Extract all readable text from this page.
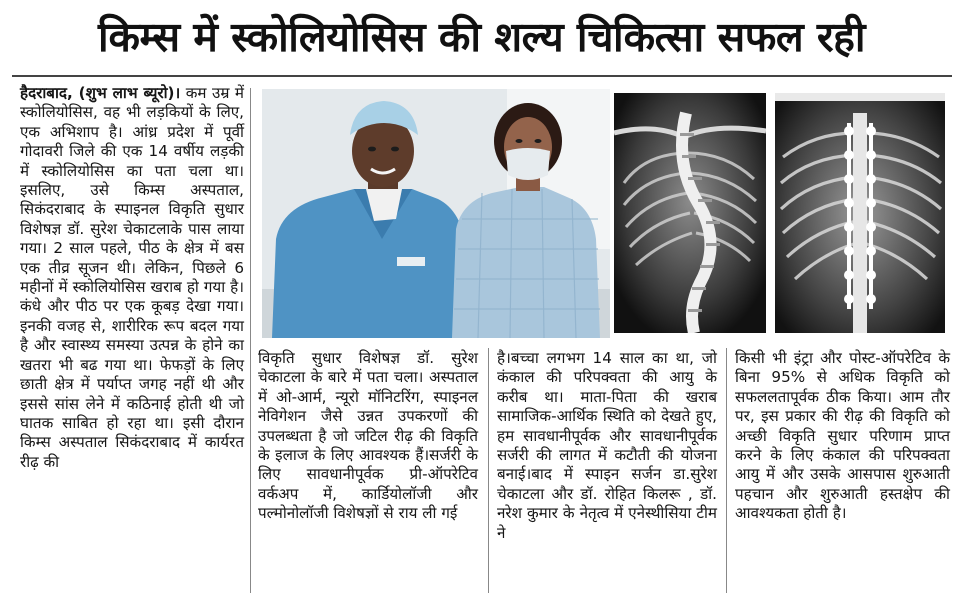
किम्स में स्कोलियोसिस की शल्य चिकित्सा सफल रही

हैदराबाद, (शुभ लाभ ब्यूरो)। कम उम्र में स्कोलियोसिस, वह भी लड़कियों के लिए, एक अभिशाप है। आंध्र प्रदेश में पूर्वी गोदावरी जिले की एक 14 वर्षीय लड़की में स्कोलियोसिस का पता चला था। इसलिए, उसे किम्स अस्पताल, सिकंदराबाद के स्पाइनल विकृति सुधार विशेषज्ञ डॉ. सुरेश चेकाटलाके पास लाया गया। 2 साल पहले, पीठ के क्षेत्र में बस एक तीव्र सूजन थी। लेकिन, पिछले 6 महीनों में स्कोलियोसिस खराब हो गया है। कंधे और पीठ पर एक कूबड़ देखा गया। इनकी वजह से, शारीरिक रूप बदल गया है और स्वास्थ्य समस्या उत्पन्न के होने का खतरा भी बढ गया था। फेफड़ों के लिए छाती क्षेत्र में पर्याप्त जगह नहीं थी और इससे सांस लेने में कठिनाई होती थी जो घातक साबित हो रहा था। इसी दौरान किम्स अस्पताल सिकंदराबाद में कार्यरत रीढ़ की

विकृति सुधार विशेषज्ञ डॉ. सुरेश चेकाटला के बारे में पता चला। अस्पताल में ओ-आर्म, न्यूरो मॉनिटरिंग, स्पाइनल नेविगेशन जैसे उन्नत उपकरणों की उपलब्धता है जो जटिल रीढ़ की विकृति के इलाज के लिए आवश्यक हैं।सर्जरी के लिए सावधानीपूर्वक प्री-ऑपरेटिव वर्कअप में, कार्डियोलॉजी और पल्मोनोलॉजी विशेषज्ञों से राय ली गई

है।बच्चा लगभग 14 साल का था, जो कंकाल की परिपक्वता की आयु के करीब था। माता-पिता की खराब सामाजिक-आर्थिक स्थिति को देखते हुए, हम सावधानीपूर्वक और सावधानीपूर्वक सर्जरी की लागत में कटौती की योजना बनाई।बाद में स्पाइन सर्जन डा.सुरेश चेकाटला और डॉ. रोहित किलरू , डॉ. नरेश कुमार के नेतृत्व में एनेस्थीसिया टीम ने

किसी भी इंट्रा और पोस्ट-ऑपरेटिव के बिना 95% से अधिक विकृति को सफललतापूर्वक ठीक किया। आम तौर पर, इस प्रकार की रीढ़ की विकृति को अच्छी विकृति सुधार परिणाम प्राप्त करने के लिए कंकाल की परिपक्वता आयु में और उसके आसपास शुरुआती पहचान और शुरुआती हस्तक्षेप की आवश्यकता होती है।
